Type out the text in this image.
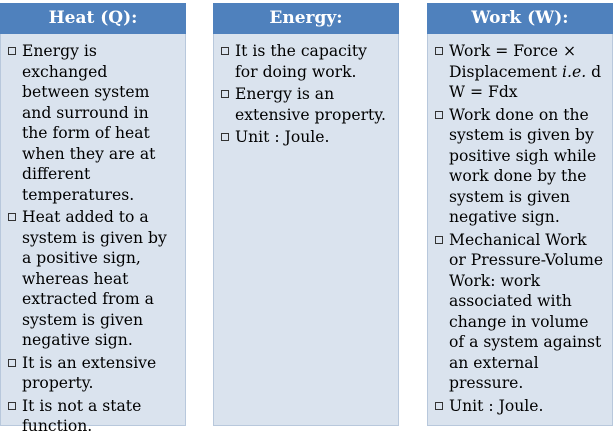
Heat (Q):
Energy is exchanged between system and surround in the form of heat when they are at different temperatures.
Heat added to a system is given by a positive sign, whereas heat extracted from a system is given negative sign.
It is an extensive property.
It is not a state function.
Energy:
It is the capacity for doing work.
Energy is an extensive property.
Unit : Joule.
Work (W):
Work = Force × Displacement i.e. d W = Fdx
Work done on the system is given by positive sigh while work done by the system is given negative sign.
Mechanical Work or Pressure-Volume Work: work associated with change in volume of a system against an external pressure.
Unit : Joule.
